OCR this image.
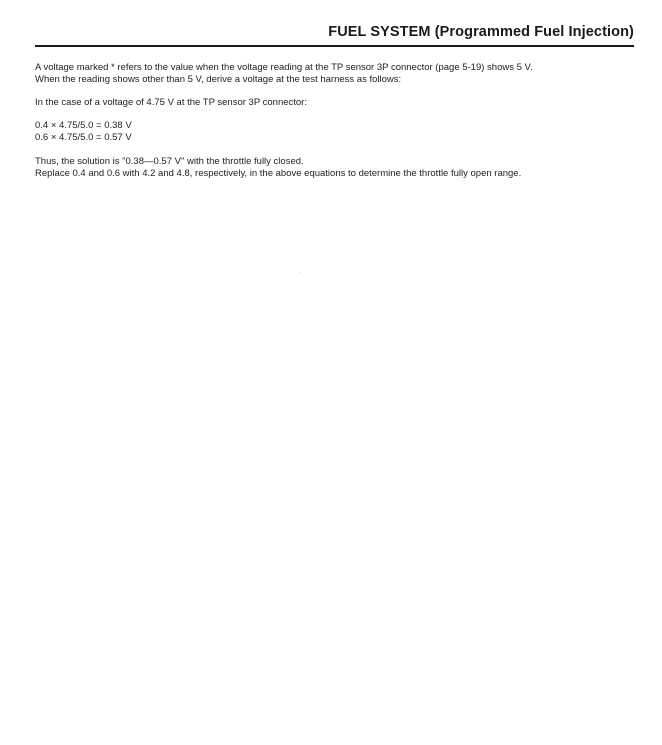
FUEL SYSTEM (Programmed Fuel Injection)

A voltage marked * refers to the value when the voltage reading at the TP sensor 3P connector (page 5-19) shows 5 V.
When the reading shows other than 5 V, derive a voltage at the test harness as follows:

In the case of a voltage of 4.75 V at the TP sensor 3P connector:

0.4 × 4.75/5.0 = 0.38 V
0.6 × 4.75/5.0 = 0.57 V

Thus, the solution is "0.38—0.57 V" with the throttle fully closed.
Replace 0.4 and 0.6 with 4.2 and 4.8, respectively, in the above equations to determine the throttle fully open range.
